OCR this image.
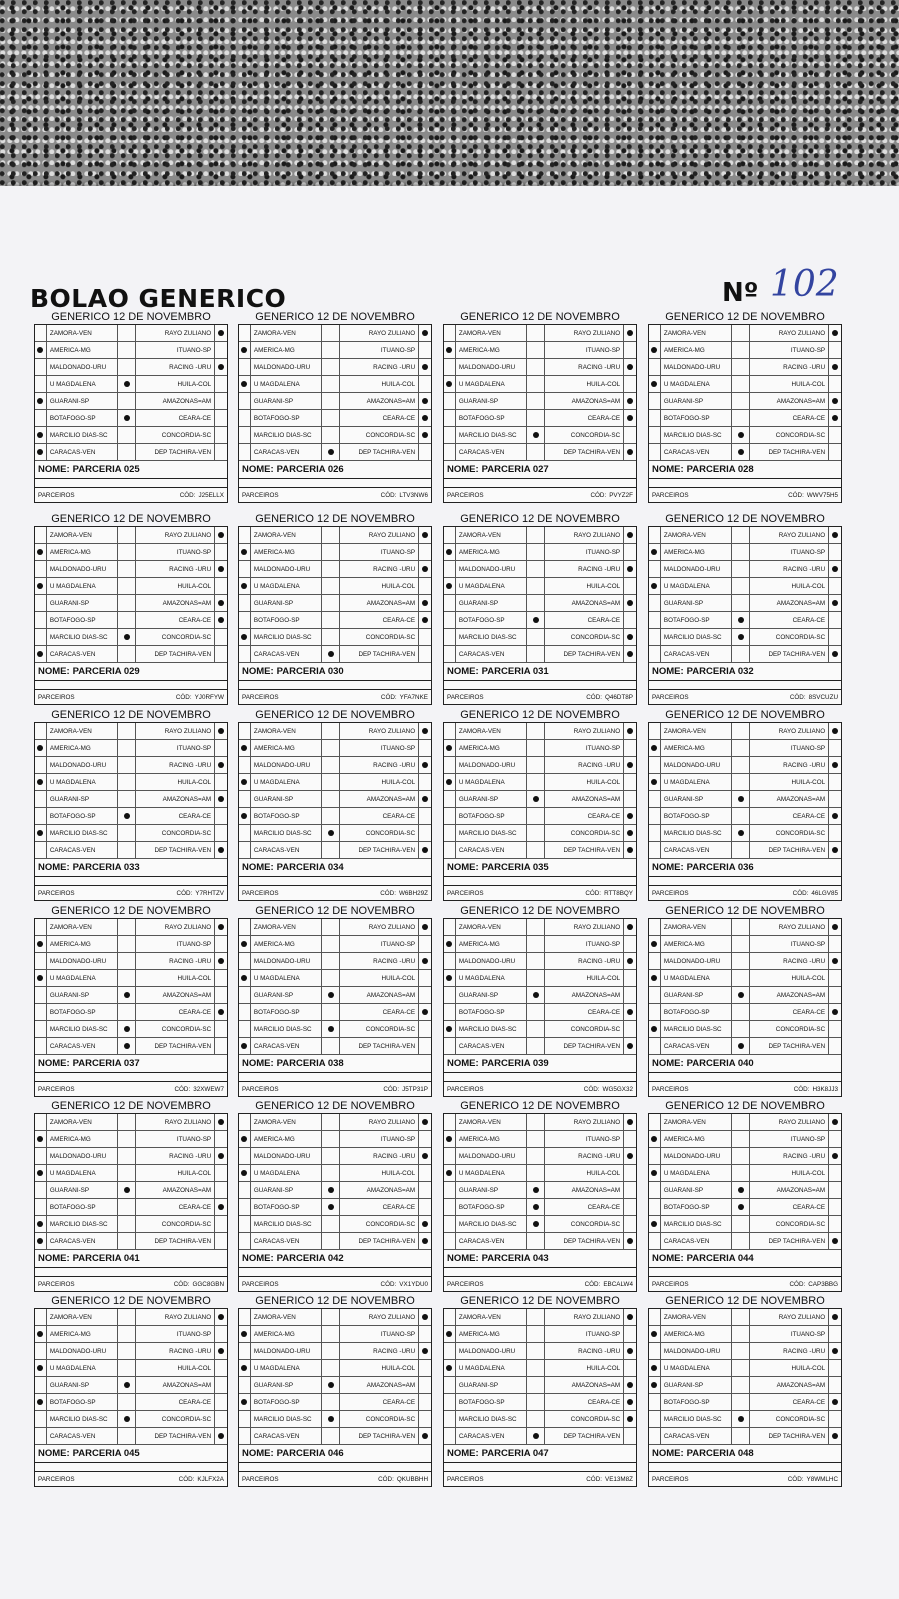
BOLAO GENERICO	Nº 102
GENERICO 12 DE NOVEMBRO
ZAMORA-VEN	RAYO ZULIANO
AMERICA-MG	ITUANO-SP
MALDONADO-URU	RACING -URU
U MAGDALENA	HUILA-COL
GUARANI-SP	AMAZONAS=AM
BOTAFOGO-SP	CEARA-CE
MARCILIO DIAS-SC	CONCORDIA-SC
CARACAS-VEN	DEP TACHIRA-VEN
NOME: PARCERIA 025
PARCEIROS	CÓD: J25ELLX
GENERICO 12 DE NOVEMBRO
ZAMORA-VEN	RAYO ZULIANO
AMERICA-MG	ITUANO-SP
MALDONADO-URU	RACING -URU
U MAGDALENA	HUILA-COL
GUARANI-SP	AMAZONAS=AM
BOTAFOGO-SP	CEARA-CE
MARCILIO DIAS-SC	CONCORDIA-SC
CARACAS-VEN	DEP TACHIRA-VEN
NOME: PARCERIA 026
PARCEIROS	CÓD: LTV3NW6
GENERICO 12 DE NOVEMBRO
ZAMORA-VEN	RAYO ZULIANO
AMERICA-MG	ITUANO-SP
MALDONADO-URU	RACING -URU
U MAGDALENA	HUILA-COL
GUARANI-SP	AMAZONAS=AM
BOTAFOGO-SP	CEARA-CE
MARCILIO DIAS-SC	CONCORDIA-SC
CARACAS-VEN	DEP TACHIRA-VEN
NOME: PARCERIA 027
PARCEIROS	CÓD: PVYZ2F
GENERICO 12 DE NOVEMBRO
ZAMORA-VEN	RAYO ZULIANO
AMERICA-MG	ITUANO-SP
MALDONADO-URU	RACING -URU
U MAGDALENA	HUILA-COL
GUARANI-SP	AMAZONAS=AM
BOTAFOGO-SP	CEARA-CE
MARCILIO DIAS-SC	CONCORDIA-SC
CARACAS-VEN	DEP TACHIRA-VEN
NOME: PARCERIA 028
PARCEIROS	CÓD: WWV75H5
GENERICO 12 DE NOVEMBRO
ZAMORA-VEN	RAYO ZULIANO
AMERICA-MG	ITUANO-SP
MALDONADO-URU	RACING -URU
U MAGDALENA	HUILA-COL
GUARANI-SP	AMAZONAS=AM
BOTAFOGO-SP	CEARA-CE
MARCILIO DIAS-SC	CONCORDIA-SC
CARACAS-VEN	DEP TACHIRA-VEN
NOME: PARCERIA 029
PARCEIROS	CÓD: YJ0RFYW
GENERICO 12 DE NOVEMBRO
ZAMORA-VEN	RAYO ZULIANO
AMERICA-MG	ITUANO-SP
MALDONADO-URU	RACING -URU
U MAGDALENA	HUILA-COL
GUARANI-SP	AMAZONAS=AM
BOTAFOGO-SP	CEARA-CE
MARCILIO DIAS-SC	CONCORDIA-SC
CARACAS-VEN	DEP TACHIRA-VEN
NOME: PARCERIA 030
PARCEIROS	CÓD: YFA7NKE
GENERICO 12 DE NOVEMBRO
ZAMORA-VEN	RAYO ZULIANO
AMERICA-MG	ITUANO-SP
MALDONADO-URU	RACING -URU
U MAGDALENA	HUILA-COL
GUARANI-SP	AMAZONAS=AM
BOTAFOGO-SP	CEARA-CE
MARCILIO DIAS-SC	CONCORDIA-SC
CARACAS-VEN	DEP TACHIRA-VEN
NOME: PARCERIA 031
PARCEIROS	CÓD: Q46DT8P
GENERICO 12 DE NOVEMBRO
ZAMORA-VEN	RAYO ZULIANO
AMERICA-MG	ITUANO-SP
MALDONADO-URU	RACING -URU
U MAGDALENA	HUILA-COL
GUARANI-SP	AMAZONAS=AM
BOTAFOGO-SP	CEARA-CE
MARCILIO DIAS-SC	CONCORDIA-SC
CARACAS-VEN	DEP TACHIRA-VEN
NOME: PARCERIA 032
PARCEIROS	CÓD: 8SVCUZU
GENERICO 12 DE NOVEMBRO
ZAMORA-VEN	RAYO ZULIANO
AMERICA-MG	ITUANO-SP
MALDONADO-URU	RACING -URU
U MAGDALENA	HUILA-COL
GUARANI-SP	AMAZONAS=AM
BOTAFOGO-SP	CEARA-CE
MARCILIO DIAS-SC	CONCORDIA-SC
CARACAS-VEN	DEP TACHIRA-VEN
NOME: PARCERIA 033
PARCEIROS	CÓD: Y7RHTZV
GENERICO 12 DE NOVEMBRO
ZAMORA-VEN	RAYO ZULIANO
AMERICA-MG	ITUANO-SP
MALDONADO-URU	RACING -URU
U MAGDALENA	HUILA-COL
GUARANI-SP	AMAZONAS=AM
BOTAFOGO-SP	CEARA-CE
MARCILIO DIAS-SC	CONCORDIA-SC
CARACAS-VEN	DEP TACHIRA-VEN
NOME: PARCERIA 034
PARCEIROS	CÓD: W6BH29Z
GENERICO 12 DE NOVEMBRO
ZAMORA-VEN	RAYO ZULIANO
AMERICA-MG	ITUANO-SP
MALDONADO-URU	RACING -URU
U MAGDALENA	HUILA-COL
GUARANI-SP	AMAZONAS=AM
BOTAFOGO-SP	CEARA-CE
MARCILIO DIAS-SC	CONCORDIA-SC
CARACAS-VEN	DEP TACHIRA-VEN
NOME: PARCERIA 035
PARCEIROS	CÓD: RTT8BQY
GENERICO 12 DE NOVEMBRO
ZAMORA-VEN	RAYO ZULIANO
AMERICA-MG	ITUANO-SP
MALDONADO-URU	RACING -URU
U MAGDALENA	HUILA-COL
GUARANI-SP	AMAZONAS=AM
BOTAFOGO-SP	CEARA-CE
MARCILIO DIAS-SC	CONCORDIA-SC
CARACAS-VEN	DEP TACHIRA-VEN
NOME: PARCERIA 036
PARCEIROS	CÓD: 46LGV85
GENERICO 12 DE NOVEMBRO
ZAMORA-VEN	RAYO ZULIANO
AMERICA-MG	ITUANO-SP
MALDONADO-URU	RACING -URU
U MAGDALENA	HUILA-COL
GUARANI-SP	AMAZONAS=AM
BOTAFOGO-SP	CEARA-CE
MARCILIO DIAS-SC	CONCORDIA-SC
CARACAS-VEN	DEP TACHIRA-VEN
NOME: PARCERIA 037
PARCEIROS	CÓD: 32XWEW7
GENERICO 12 DE NOVEMBRO
ZAMORA-VEN	RAYO ZULIANO
AMERICA-MG	ITUANO-SP
MALDONADO-URU	RACING -URU
U MAGDALENA	HUILA-COL
GUARANI-SP	AMAZONAS=AM
BOTAFOGO-SP	CEARA-CE
MARCILIO DIAS-SC	CONCORDIA-SC
CARACAS-VEN	DEP TACHIRA-VEN
NOME: PARCERIA 038
PARCEIROS	CÓD: J5TP31P
GENERICO 12 DE NOVEMBRO
ZAMORA-VEN	RAYO ZULIANO
AMERICA-MG	ITUANO-SP
MALDONADO-URU	RACING -URU
U MAGDALENA	HUILA-COL
GUARANI-SP	AMAZONAS=AM
BOTAFOGO-SP	CEARA-CE
MARCILIO DIAS-SC	CONCORDIA-SC
CARACAS-VEN	DEP TACHIRA-VEN
NOME: PARCERIA 039
PARCEIROS	CÓD: WG5GX32
GENERICO 12 DE NOVEMBRO
ZAMORA-VEN	RAYO ZULIANO
AMERICA-MG	ITUANO-SP
MALDONADO-URU	RACING -URU
U MAGDALENA	HUILA-COL
GUARANI-SP	AMAZONAS=AM
BOTAFOGO-SP	CEARA-CE
MARCILIO DIAS-SC	CONCORDIA-SC
CARACAS-VEN	DEP TACHIRA-VEN
NOME: PARCERIA 040
PARCEIROS	CÓD: H3K8JJ3
GENERICO 12 DE NOVEMBRO
ZAMORA-VEN	RAYO ZULIANO
AMERICA-MG	ITUANO-SP
MALDONADO-URU	RACING -URU
U MAGDALENA	HUILA-COL
GUARANI-SP	AMAZONAS=AM
BOTAFOGO-SP	CEARA-CE
MARCILIO DIAS-SC	CONCORDIA-SC
CARACAS-VEN	DEP TACHIRA-VEN
NOME: PARCERIA 041
PARCEIROS	CÓD: GGC8GBN
GENERICO 12 DE NOVEMBRO
ZAMORA-VEN	RAYO ZULIANO
AMERICA-MG	ITUANO-SP
MALDONADO-URU	RACING -URU
U MAGDALENA	HUILA-COL
GUARANI-SP	AMAZONAS=AM
BOTAFOGO-SP	CEARA-CE
MARCILIO DIAS-SC	CONCORDIA-SC
CARACAS-VEN	DEP TACHIRA-VEN
NOME: PARCERIA 042
PARCEIROS	CÓD: VX1YDU0
GENERICO 12 DE NOVEMBRO
ZAMORA-VEN	RAYO ZULIANO
AMERICA-MG	ITUANO-SP
MALDONADO-URU	RACING -URU
U MAGDALENA	HUILA-COL
GUARANI-SP	AMAZONAS=AM
BOTAFOGO-SP	CEARA-CE
MARCILIO DIAS-SC	CONCORDIA-SC
CARACAS-VEN	DEP TACHIRA-VEN
NOME: PARCERIA 043
PARCEIROS	CÓD: EBCALW4
GENERICO 12 DE NOVEMBRO
ZAMORA-VEN	RAYO ZULIANO
AMERICA-MG	ITUANO-SP
MALDONADO-URU	RACING -URU
U MAGDALENA	HUILA-COL
GUARANI-SP	AMAZONAS=AM
BOTAFOGO-SP	CEARA-CE
MARCILIO DIAS-SC	CONCORDIA-SC
CARACAS-VEN	DEP TACHIRA-VEN
NOME: PARCERIA 044
PARCEIROS	CÓD: CAP3BBG
GENERICO 12 DE NOVEMBRO
ZAMORA-VEN	RAYO ZULIANO
AMERICA-MG	ITUANO-SP
MALDONADO-URU	RACING -URU
U MAGDALENA	HUILA-COL
GUARANI-SP	AMAZONAS=AM
BOTAFOGO-SP	CEARA-CE
MARCILIO DIAS-SC	CONCORDIA-SC
CARACAS-VEN	DEP TACHIRA-VEN
NOME: PARCERIA 045
PARCEIROS	CÓD: KJLFX2A
GENERICO 12 DE NOVEMBRO
ZAMORA-VEN	RAYO ZULIANO
AMERICA-MG	ITUANO-SP
MALDONADO-URU	RACING -URU
U MAGDALENA	HUILA-COL
GUARANI-SP	AMAZONAS=AM
BOTAFOGO-SP	CEARA-CE
MARCILIO DIAS-SC	CONCORDIA-SC
CARACAS-VEN	DEP TACHIRA-VEN
NOME: PARCERIA 046
PARCEIROS	CÓD: QKUBBHH
GENERICO 12 DE NOVEMBRO
ZAMORA-VEN	RAYO ZULIANO
AMERICA-MG	ITUANO-SP
MALDONADO-URU	RACING -URU
U MAGDALENA	HUILA-COL
GUARANI-SP	AMAZONAS=AM
BOTAFOGO-SP	CEARA-CE
MARCILIO DIAS-SC	CONCORDIA-SC
CARACAS-VEN	DEP TACHIRA-VEN
NOME: PARCERIA 047
PARCEIROS	CÓD: VE13M8Z
GENERICO 12 DE NOVEMBRO
ZAMORA-VEN	RAYO ZULIANO
AMERICA-MG	ITUANO-SP
MALDONADO-URU	RACING -URU
U MAGDALENA	HUILA-COL
GUARANI-SP	AMAZONAS=AM
BOTAFOGO-SP	CEARA-CE
MARCILIO DIAS-SC	CONCORDIA-SC
CARACAS-VEN	DEP TACHIRA-VEN
NOME: PARCERIA 048
PARCEIROS	CÓD: Y8WMLHC
